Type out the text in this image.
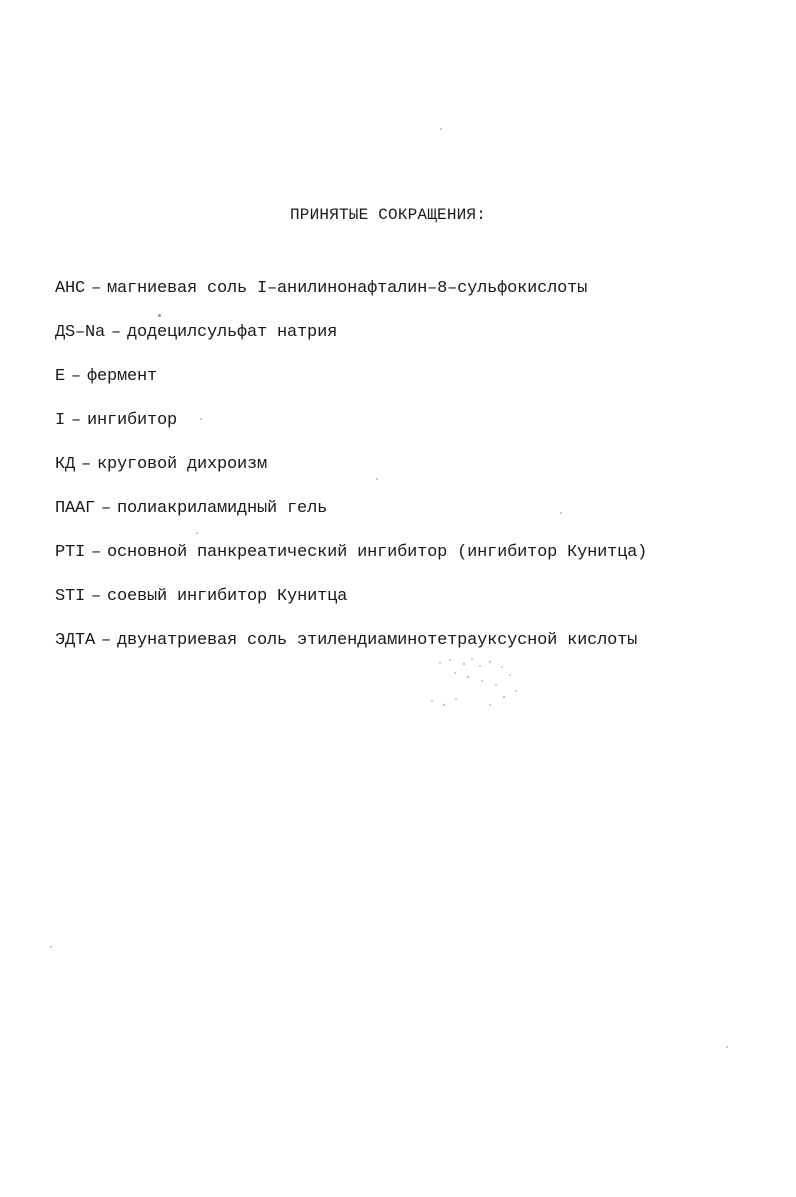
ПРИНЯТЫЕ СОКРАЩЕНИЯ:
АНС – магниевая соль I–анилинонафталин–8–сульфокислоты
ДS–Na – додецилсульфат натрия
Е – фермент
I – ингибитор
КД – круговой дихроизм
ПААГ – полиакриламидный гель
PTI – основной панкреатический ингибитор (ингибитор Кунитца)
STI – соевый ингибитор Кунитца
ЭДТА – двунатриевая соль этилендиаминотетрауксусной кислоты
